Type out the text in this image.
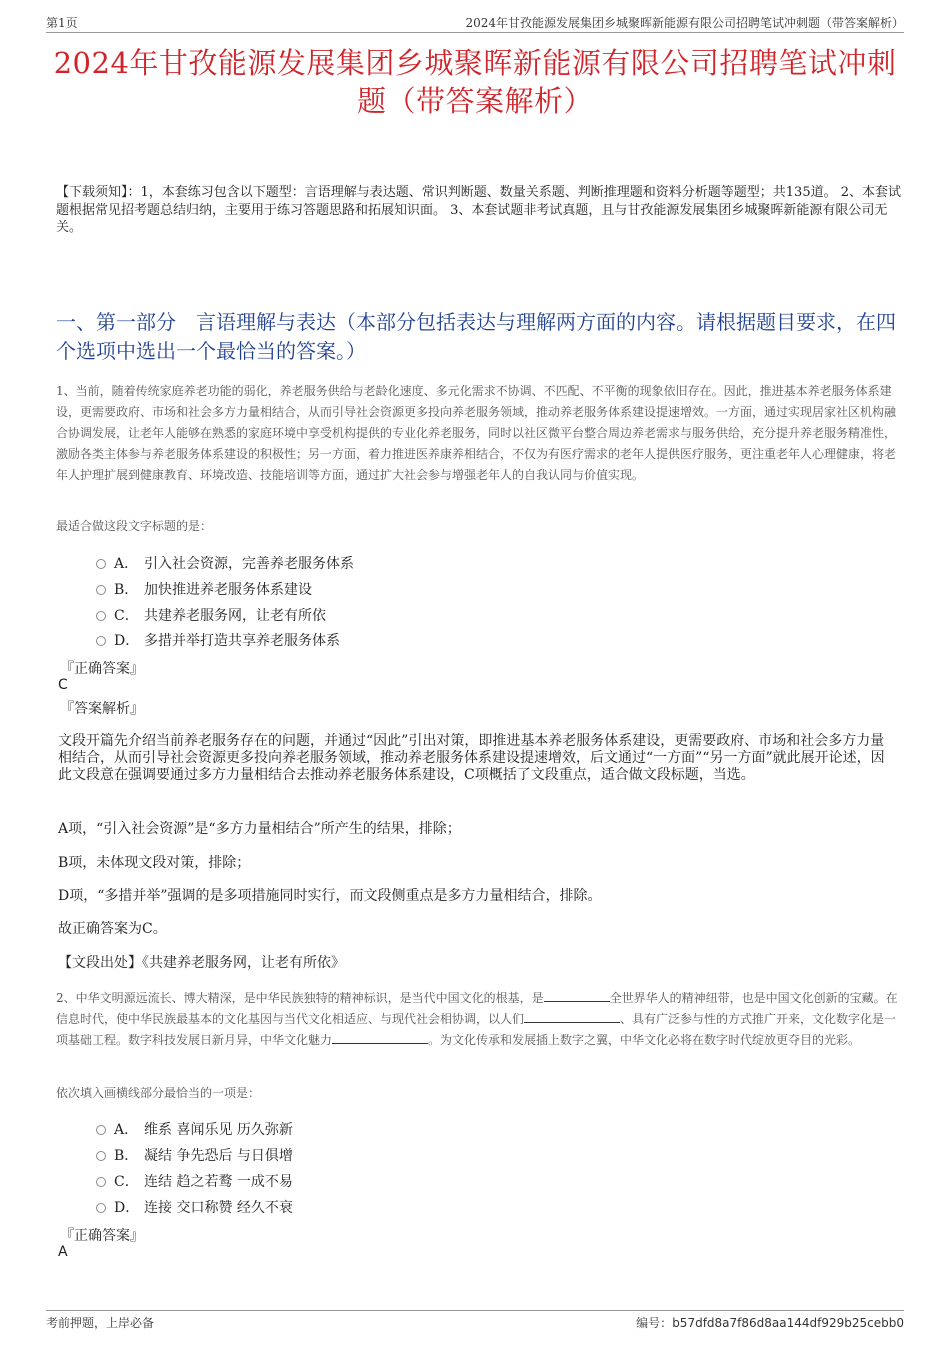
第1页	2024年甘孜能源发展集团乡城聚晖新能源有限公司招聘笔试冲刺题（带答案解析）
2024年甘孜能源发展集团乡城聚晖新能源有限公司招聘笔试冲刺题（带答案解析）
【下载须知】：1，本套练习包含以下题型：言语理解与表达题、常识判断题、数量关系题、判断推理题和资料分析题等题型；共135道。 2、本套试题根据常见招考题总结归纳，主要用于练习答题思路和拓展知识面。 3、本套试题非考试真题，且与甘孜能源发展集团乡城聚晖新能源有限公司无关。
一、第一部分　言语理解与表达（本部分包括表达与理解两方面的内容。请根据题目要求，在四个选项中选出一个最恰当的答案。）
1、当前，随着传统家庭养老功能的弱化，养老服务供给与老龄化速度、多元化需求不协调、不匹配、不平衡的现象依旧存在。因此，推进基本养老服务体系建设，更需要政府、市场和社会多方力量相结合，从而引导社会资源更多投向养老服务领域，推动养老服务体系建设提速增效。一方面，通过实现居家社区机构融合协调发展，让老年人能够在熟悉的家庭环境中享受机构提供的专业化养老服务，同时以社区微平台整合周边养老需求与服务供给，充分提升养老服务精准性，激励各类主体参与养老服务体系建设的积极性；另一方面，着力推进医养康养相结合，不仅为有医疗需求的老年人提供医疗服务，更注重老年人心理健康，将老年人护理扩展到健康教育、环境改造、技能培训等方面，通过扩大社会参与增强老年人的自我认同与价值实现。
最适合做这段文字标题的是：
A． 引入社会资源，完善养老服务体系
B． 加快推进养老服务体系建设
C． 共建养老服务网，让老有所依
D． 多措并举打造共享养老服务体系
『正确答案』
C
『答案解析』
文段开篇先介绍当前养老服务存在的问题，并通过“因此”引出对策，即推进基本养老服务体系建设，更需要政府、市场和社会多方力量相结合，从而引导社会资源更多投向养老服务领域，推动养老服务体系建设提速增效，后文通过“一方面”“另一方面”就此展开论述，因此文段意在强调要通过多方力量相结合去推动养老服务体系建设，C项概括了文段重点，适合做文段标题，当选。
A项，“引入社会资源”是“多方力量相结合”所产生的结果，排除；
B项，未体现文段对策，排除；
D项，“多措并举”强调的是多项措施同时实行，而文段侧重点是多方力量相结合，排除。
故正确答案为C。
【文段出处】《共建养老服务网，让老有所依》
2、中华文明源远流长、博大精深，是中华民族独特的精神标识，是当代中国文化的根基，是	全世界华人的精神纽带，也是中国文化创新的宝藏。在信息时代，使中华民族最基本的文化基因与当代文化相适应、与现代社会相协调，以人们	、具有广泛参与性的方式推广开来，文化数字化是一项基础工程。数字科技发展日新月异，中华文化魅力	。为文化传承和发展插上数字之翼，中华文化必将在数字时代绽放更夺目的光彩。
依次填入画横线部分最恰当的一项是：
A． 维系 喜闻乐见 历久弥新
B． 凝结 争先恐后 与日俱增
C． 连结 趋之若鹜 一成不易
D． 连接 交口称赞 经久不衰
『正确答案』
A
考前押题，上岸必备	编号：b57dfd8a7f86d8aa144df929b25cebb0
